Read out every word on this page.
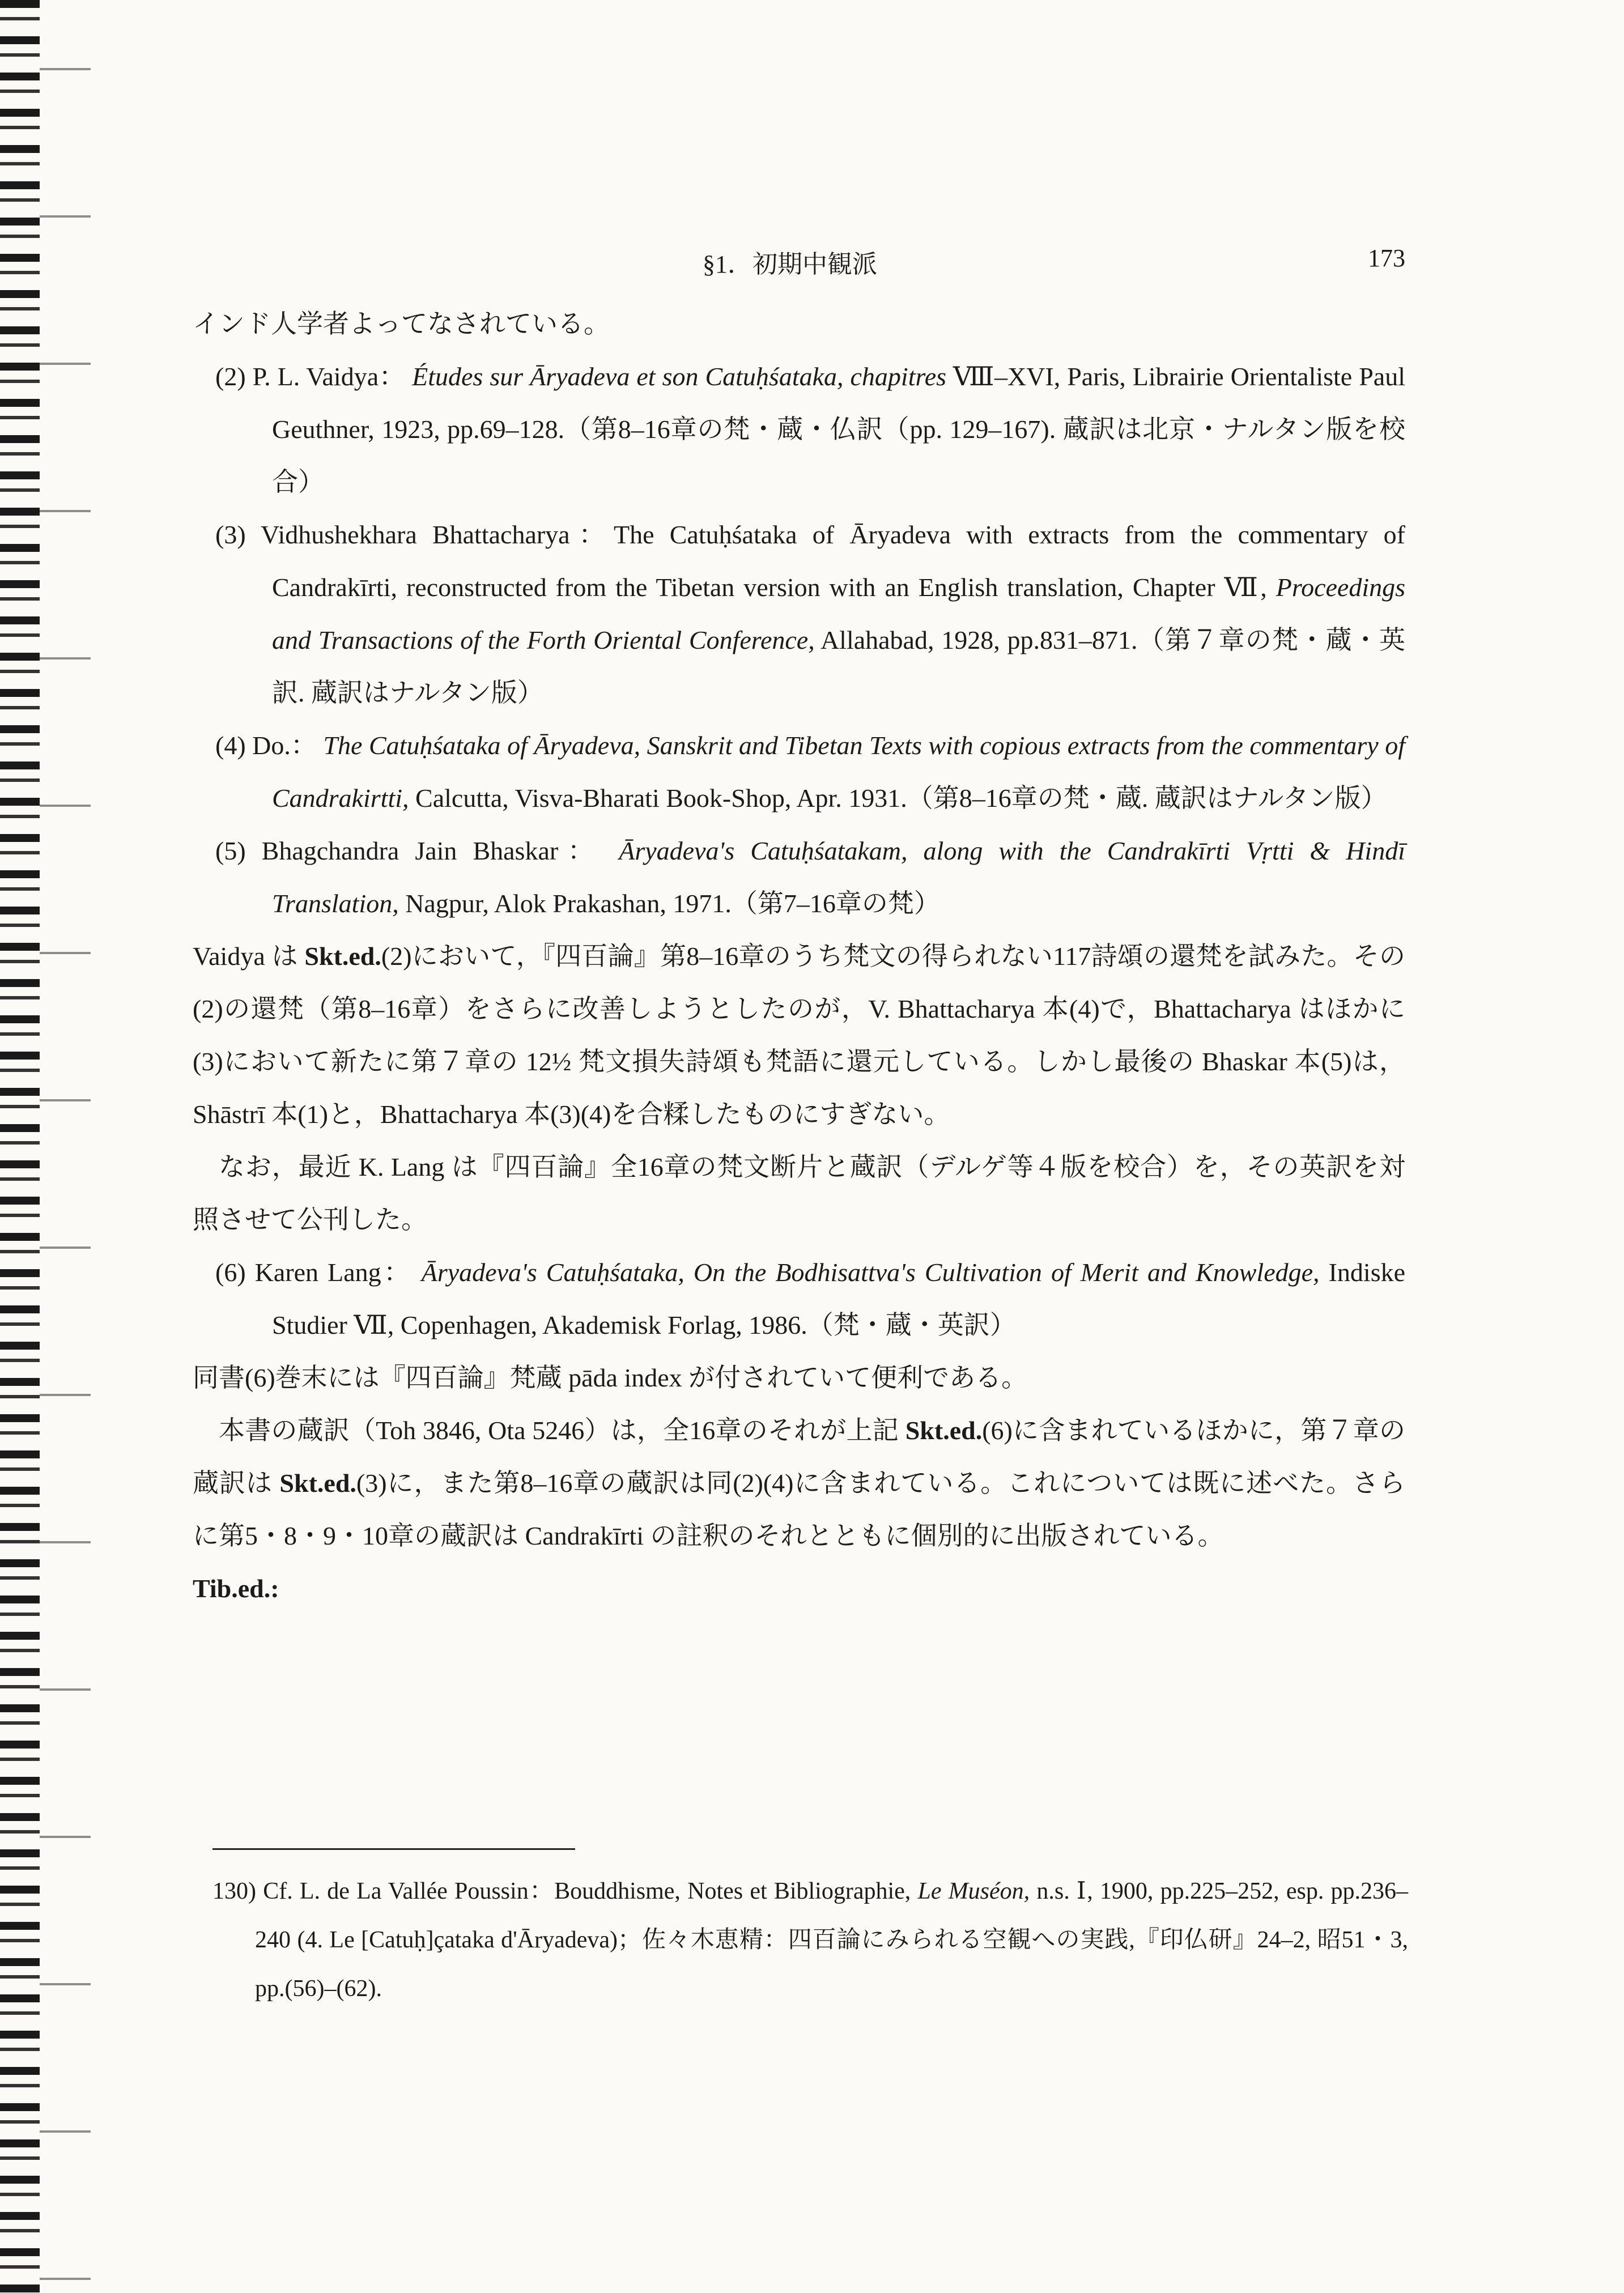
§1．初期中観派	173

インド人学者よってなされている。

(2) P. L. Vaidya： Études sur Āryadeva et son Catuḥśataka, chapitres Ⅷ–XVI, Paris, Librairie Orientaliste Paul Geuthner, 1923, pp.69–128.（第8–16章の梵・蔵・仏訳（pp. 129–167). 蔵訳は北京・ナルタン版を校合）

(3) Vidhushekhara Bhattacharya：The Catuḥśataka of Āryadeva with extracts from the commentary of Candrakīrti, reconstructed from the Tibetan version with an English translation, Chapter Ⅶ, Proceedings and Transactions of the Forth Oriental Conference, Allahabad, 1928, pp.831–871.（第７章の梵・蔵・英訳. 蔵訳はナルタン版）

(4) Do.： The Catuḥśataka of Āryadeva, Sanskrit and Tibetan Texts with copious extracts from the commentary of Candrakirtti, Calcutta, Visva-Bharati Book-Shop, Apr. 1931.（第8–16章の梵・蔵. 蔵訳はナルタン版）

(5) Bhagchandra Jain Bhaskar： Āryadeva's Catuḥśatakam, along with the Candrakīrti Vṛtti & Hindī Translation, Nagpur, Alok Prakashan, 1971.（第7–16章の梵）

Vaidya は Skt.ed.(2)において，『四百論』第8–16章のうち梵文の得られない117詩頌の還梵を試みた。その(2)の還梵（第8–16章）をさらに改善しようとしたのが，V. Bhattacharya 本(4)で，Bhattacharya はほかに(3)において新たに第７章の 12½ 梵文損失詩頌も梵語に還元している。しかし最後の Bhaskar 本(5)は，Shāstrī 本(1)と，Bhattacharya 本(3)(4)を合糅したものにすぎない。

なお，最近 K. Lang は『四百論』全16章の梵文断片と蔵訳（デルゲ等４版を校合）を，その英訳を対照させて公刊した。

(6) Karen Lang： Āryadeva's Catuḥśataka, On the Bodhisattva's Cultivation of Merit and Knowledge, Indiske Studier Ⅶ, Copenhagen, Akademisk Forlag, 1986.（梵・蔵・英訳）

同書(6)巻末には『四百論』梵蔵 pāda index が付されていて便利である。

本書の蔵訳（Toh 3846, Ota 5246）は，全16章のそれが上記 Skt.ed.(6)に含まれているほかに，第７章の蔵訳は Skt.ed.(3)に，また第8–16章の蔵訳は同(2)(4)に含まれている。これについては既に述べた。さらに第5・8・9・10章の蔵訳は Candrakīrti の註釈のそれとともに個別的に出版されている。

Tib.ed.:

130) Cf. L. de La Vallée Poussin：Bouddhisme, Notes et Bibliographie, Le Muséon, n.s. Ⅰ, 1900, pp.225–252, esp. pp.236–240 (4. Le [Catuḥ]çataka d'Āryadeva)；佐々木恵精：四百論にみられる空観への実践,『印仏研』24–2, 昭51・3, pp.(56)–(62).
